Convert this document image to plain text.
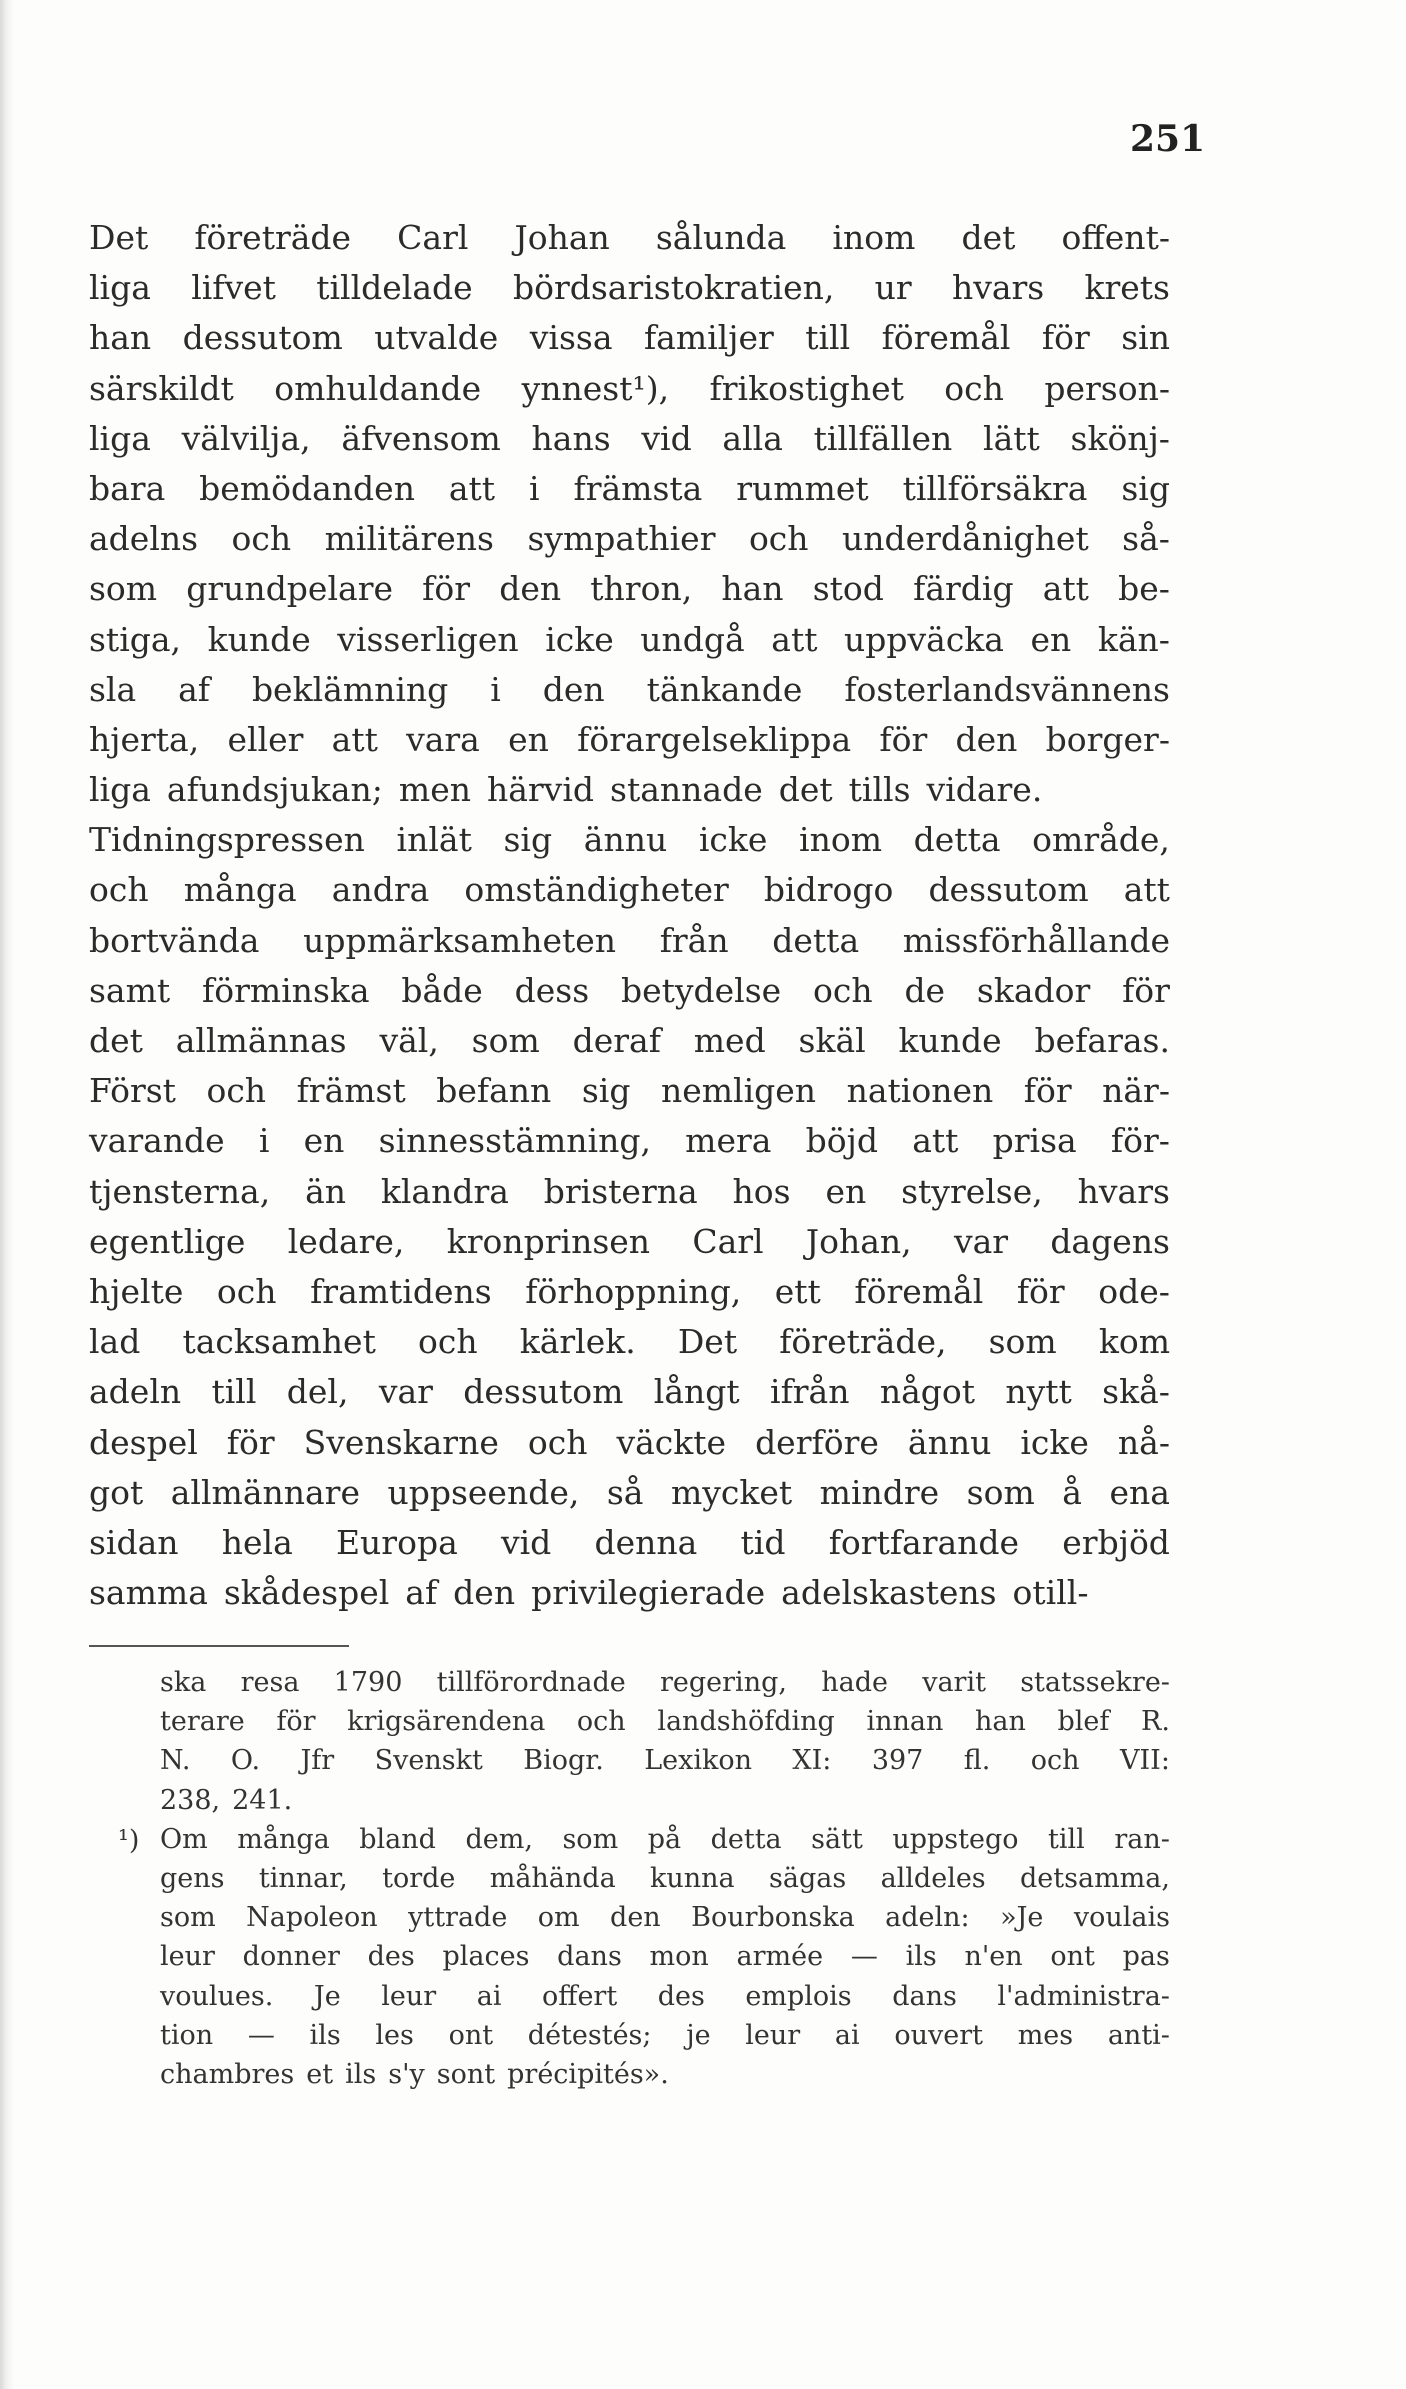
251
Det företräde Carl Johan sålunda inom det offent-
liga lifvet tilldelade bördsaristokratien, ur hvars krets
han dessutom utvalde vissa familjer till föremål för sin
särskildt omhuldande ynnest¹), frikostighet och person-
liga välvilja, äfvensom hans vid alla tillfällen lätt skönj-
bara bemödanden att i främsta rummet tillförsäkra sig
adelns och militärens sympathier och underdånighet så-
som grundpelare för den thron, han stod färdig att be-
stiga, kunde visserligen icke undgå att uppväcka en kän-
sla af beklämning i den tänkande fosterlandsvännens
hjerta, eller att vara en förargelseklippa för den borger-
liga afundsjukan; men härvid stannade det tills vidare.
Tidningspressen inlät sig ännu icke inom detta område,
och många andra omständigheter bidrogo dessutom att
bortvända uppmärksamheten från detta missförhållande
samt förminska både dess betydelse och de skador för
det allmännas väl, som deraf med skäl kunde befaras.
Först och främst befann sig nemligen nationen för när-
varande i en sinnesstämning, mera böjd att prisa för-
tjensterna, än klandra bristerna hos en styrelse, hvars
egentlige ledare, kronprinsen Carl Johan, var dagens
hjelte och framtidens förhoppning, ett föremål för ode-
lad tacksamhet och kärlek. Det företräde, som kom
adeln till del, var dessutom långt ifrån något nytt skå-
despel för Svenskarne och väckte derföre ännu icke nå-
got allmännare uppseende, så mycket mindre som å ena
sidan hela Europa vid denna tid fortfarande erbjöd
samma skådespel af den privilegierade adelskastens otill-
¹)
ska resa 1790 tillförordnade regering, hade varit statssekre-
terare för krigsärendena och landshöfding innan han blef R.
N. O. Jfr Svenskt Biogr. Lexikon XI: 397 fl. och VII:
238, 241.
Om många bland dem, som på detta sätt uppstego till ran-
gens tinnar, torde måhända kunna sägas alldeles detsamma,
som Napoleon yttrade om den Bourbonska adeln: »Je voulais
leur donner des places dans mon armée — ils n'en ont pas
voulues. Je leur ai offert des emplois dans l'administra-
tion — ils les ont détestés; je leur ai ouvert mes anti-
chambres et ils s'y sont précipités».
